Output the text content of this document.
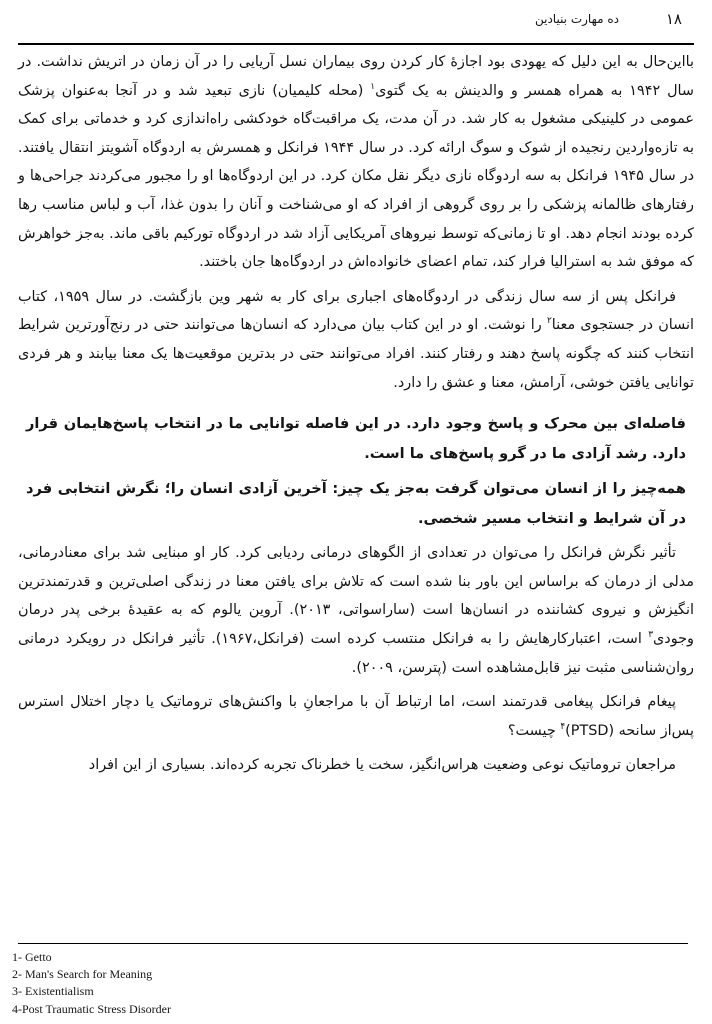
۱۸
ده مهارت بنیادین

بااین‌حال به این دلیل که یهودی بود اجازۀ کار کردن روی بیماران نسل آریایی را در آن زمان در اتریش نداشت. در سال ۱۹۴۲ به همراه همسر و والدینش به یک گتوی$^۱$ (محله کلیمیان) نازی تبعید شد و در آنجا به‌عنوان پزشک عمومی در کلینیکی مشغول به کار شد. در آن مدت، یک مراقبت‌گاه خودکشی راه‌اندازی کرد و خدماتی برای کمک به تازه‌واردین رنجیده از شوک و سوگ ارائه کرد. در سال ۱۹۴۴ فرانکل و همسرش به اردوگاه آشویتز انتقال یافتند. در سال ۱۹۴۵ فرانکل به سه اردوگاه نازی دیگر نقل مکان کرد. در این اردوگاه‌ها او را مجبور می‌کردند جراحی‌ها و رفتارهای ظالمانه پزشکی را بر روی گروهی از افراد که او می‌شناخت و آنان را بدون غذا، آب و لباس مناسب رها کرده بودند انجام دهد. او تا زمانی‌که توسط نیروهای آمریکایی آزاد شد در اردوگاه تورکیم باقی ماند. به‌جز خواهرش که موفق شد به استرالیا فرار کند، تمام اعضای خانواده‌اش در اردوگاه‌ها جان باختند.

فرانکل پس از سه سال زندگی در اردوگاه‌های اجباری برای کار به شهر وین بازگشت. در سال ۱۹۵۹، کتاب انسان در جستجوی معنا$^۲$ را نوشت. او در این کتاب بیان می‌دارد که انسان‌ها می‌توانند حتی در رنج‌آورترین شرایط انتخاب کنند که چگونه پاسخ دهند و رفتار کنند. افراد می‌توانند حتی در بدترین موقعیت‌ها یک معنا بیابند و هر فردی توانایی یافتن خوشی، آرامش، معنا و عشق را دارد.

فاصله‌ای بین محرک و پاسخ وجود دارد. در این فاصله توانایی ما در انتخاب پاسخ‌هایمان قرار دارد. رشد آزادی ما در گرو پاسخ‌های ما است.

همه‌چیز را از انسان می‌توان گرفت به‌جز یک چیز: آخرین آزادی انسان را؛ نگرش انتخابی فرد در آن شرایط و انتخاب مسیر شخصی.

تأثیر نگرش فرانکل را می‌توان در تعدادی از الگوهای درمانی ردیابی کرد. کار او مبنایی شد برای معنادرمانی، مدلی از درمان که براساس این باور بنا شده است که تلاش برای یافتن معنا در زندگی اصلی‌ترین و قدرتمندترین انگیزش و نیروی کشاننده در انسان‌ها است (ساراسواتی، ۲۰۱۳). آروین یالوم که به عقیدۀ برخی پدر درمان وجودی$^۳$ است، اعتبارکارهایش را به فرانکل منتسب کرده است (فرانکل،۱۹۶۷). تأثیر فرانکل در رویکرد درمانی روان‌شناسی مثبت نیز قابل‌مشاهده است (پترسن، ۲۰۰۹).

پیغام فرانکل پیغامی قدرتمند است، اما ارتباط آن با مراجعانِ با واکنش‌های تروماتیک یا دچار اختلال استرس پس‌از سانحه (PTSD)$^۴$ چیست؟

مراجعان تروماتیک نوعی وضعیت هراس‌انگیز، سخت یا خطرناک تجربه کرده‌اند. بسیاری از این افراد

1- Getto
2- Man's Search for Meaning
3- Existentialism
4-Post Traumatic Stress Disorder
